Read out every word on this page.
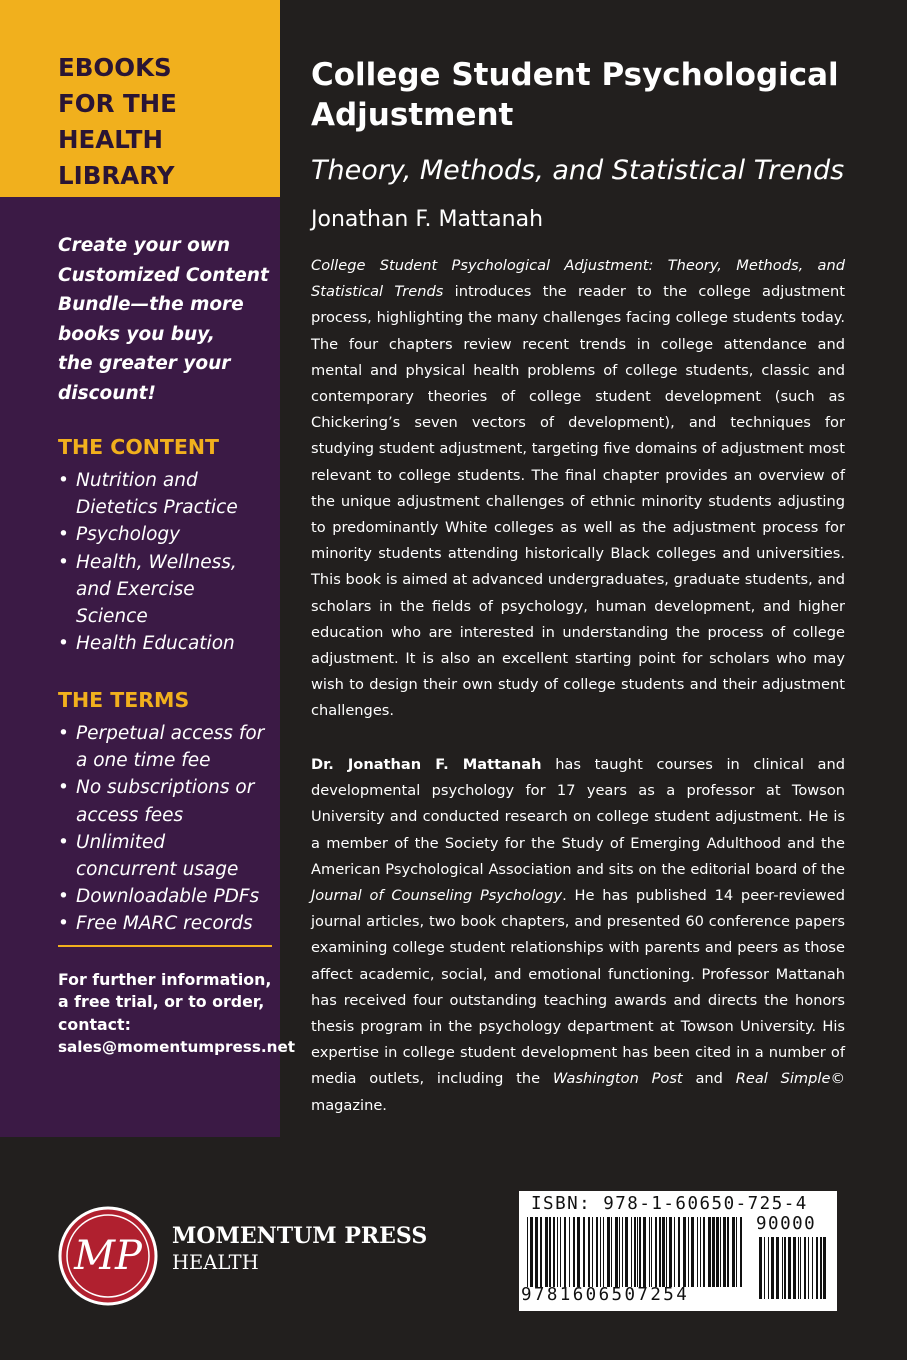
EBOOKS
FOR THE
HEALTH
LIBRARY

Create your own
Customized Content
Bundle—the more
books you buy,
the greater your
discount!

THE CONTENT
• Nutrition and
Dietetics Practice
• Psychology
• Health, Wellness,
and Exercise
Science
• Health Education
THE TERMS
• Perpetual access for
a one time fee
• No subscriptions or
access fees
• Unlimited
concurrent usage
• Downloadable PDFs
• Free MARC records

For further information,
a free trial, or to order,
contact:
sales@momentumpress.net

College Student Psychological
Adjustment
Theory, Methods, and Statistical Trends

Jonathan F. Mattanah

College Student Psychological Adjustment: Theory, Methods, and Statistical Trends introduces the reader to the college adjustment process, highlighting the many challenges facing college students today. The four chapters review recent trends in college attendance and mental and physical health problems of college students, classic and contemporary theories of college student development (such as Chickering’s seven vectors of development), and techniques for studying student adjustment, targeting five domains of adjustment most relevant to college students. The final chapter provides an overview of the unique adjustment challenges of ethnic minority students adjusting to predominantly White colleges as well as the adjustment process for minority students attending historically Black colleges and universities. This book is aimed at advanced undergraduates, graduate students, and scholars in the fields of psychology, human development, and higher education who are interested in understanding the process of college adjustment. It is also an excellent starting point for scholars who may wish to design their own study of college students and their adjustment challenges.

Dr. Jonathan F. Mattanah has taught courses in clinical and developmental psychology for 17 years as a professor at Towson University and conducted research on college student adjustment. He is a member of the Society for the Study of Emerging Adulthood and the American Psychological Association and sits on the editorial board of the Journal of Counseling Psychology. He has published 14 peer-reviewed journal articles, two book chapters, and presented 60 conference papers examining college student relationships with parents and peers as those affect academic, social, and emotional functioning. Professor Mattanah has received four outstanding teaching awards and directs the honors thesis program in the psychology department at Towson University. His expertise in college student development has been cited in a number of media outlets, including the Washington Post and Real Simple© magazine.

MP MOMENTUM PRESS

HEALTH

ISBN: 978-1-60650-725-4

90000

9781606507254
